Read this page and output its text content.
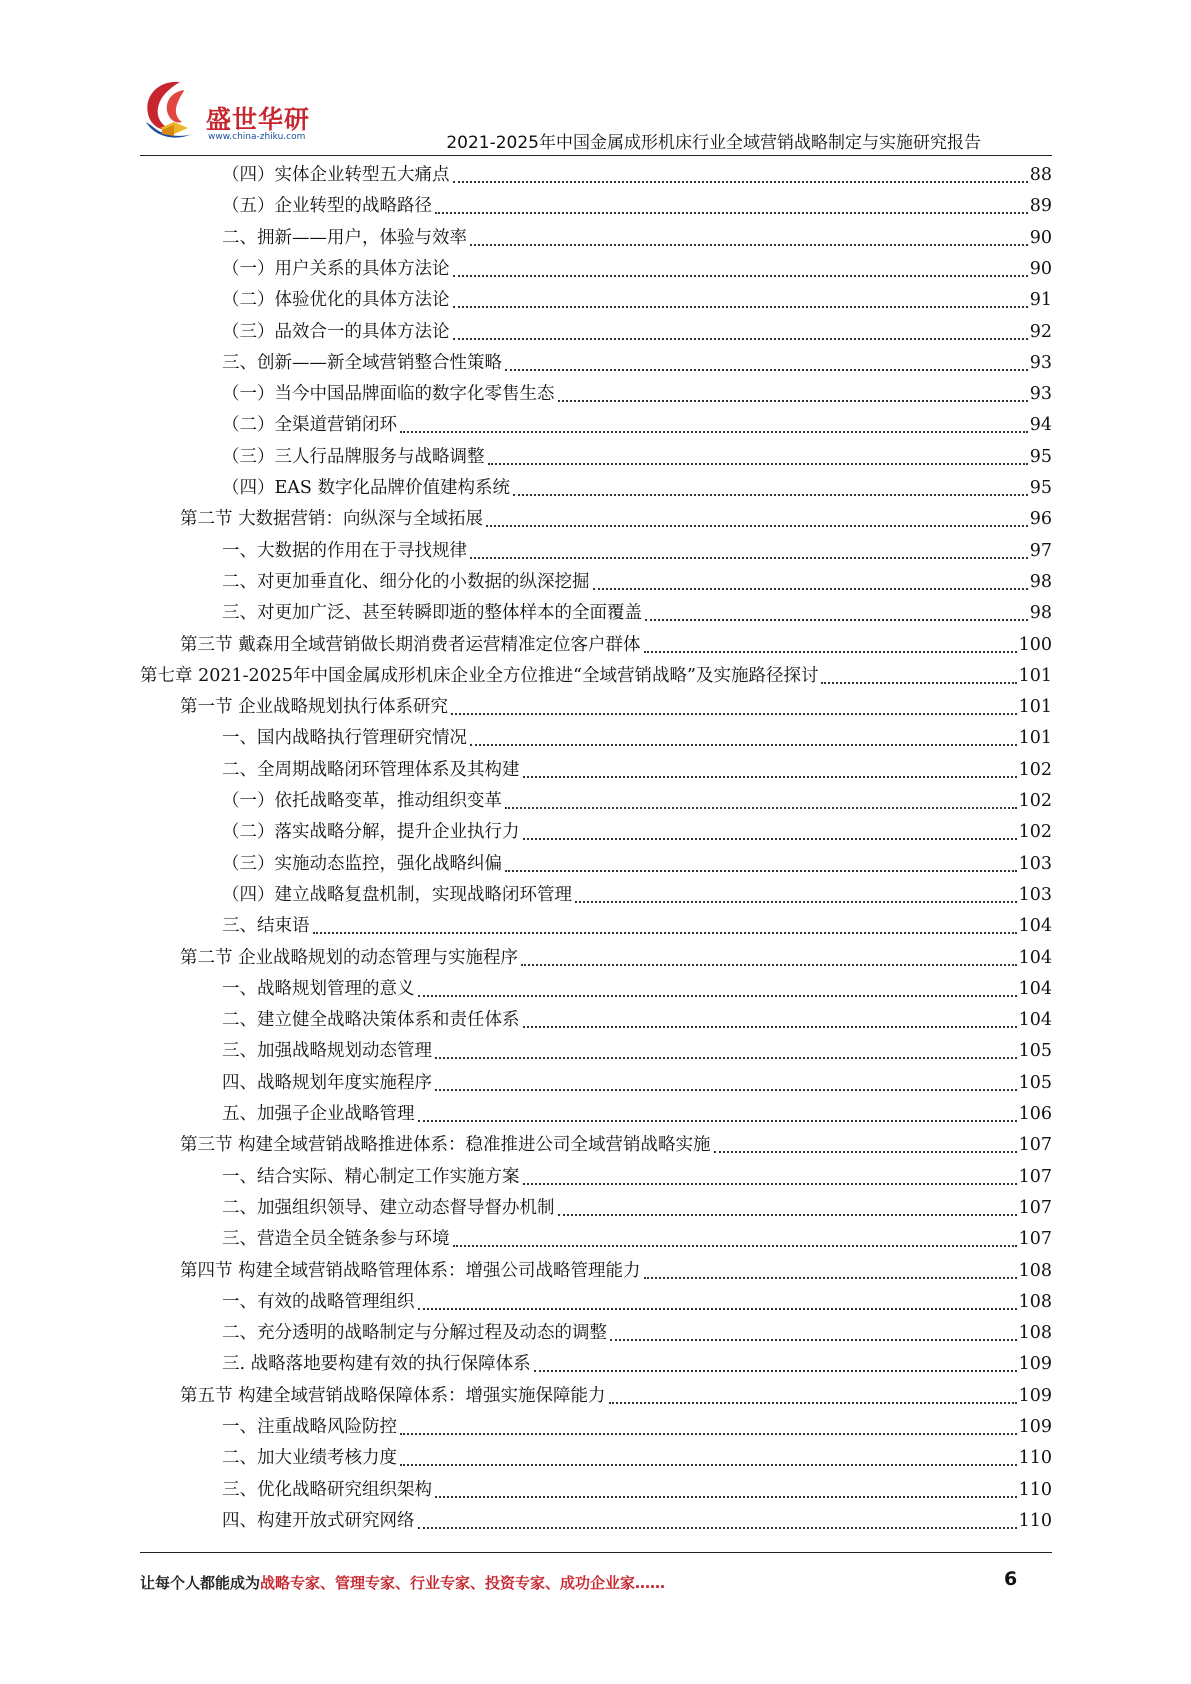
盛世华研
www.china-zhiku.com	2021-2025年中国金属成形机床行业全域营销战略制定与实施研究报告
（四）实体企业转型五大痛点	88
（五）企业转型的战略路径	89
二、拥新——用户，体验与效率	90
（一）用户关系的具体方法论	90
（二）体验优化的具体方法论	91
（三）品效合一的具体方法论	92
三、创新——新全域营销整合性策略	93
（一）当今中国品牌面临的数字化零售生态	93
（二）全渠道营销闭环	94
（三）三人行品牌服务与战略调整	95
（四）EAS 数字化品牌价值建构系统	95
第二节 大数据营销：向纵深与全域拓展	96
一、大数据的作用在于寻找规律	97
二、对更加垂直化、细分化的小数据的纵深挖掘	98
三、对更加广泛、甚至转瞬即逝的整体样本的全面覆盖	98
第三节 戴森用全域营销做长期消费者运营精准定位客户群体	100
第七章 2021-2025年中国金属成形机床企业全方位推进“全域营销战略”及实施路径探讨	101
第一节 企业战略规划执行体系研究	101
一、国内战略执行管理研究情况	101
二、全周期战略闭环管理体系及其构建	102
（一）依托战略变革，推动组织变革	102
（二）落实战略分解，提升企业执行力	102
（三）实施动态监控，强化战略纠偏	103
（四）建立战略复盘机制，实现战略闭环管理	103
三、结束语	104
第二节 企业战略规划的动态管理与实施程序	104
一、战略规划管理的意义	104
二、建立健全战略决策体系和责任体系	104
三、加强战略规划动态管理	105
四、战略规划年度实施程序	105
五、加强子企业战略管理	106
第三节 构建全域营销战略推进体系：稳准推进公司全域营销战略实施	107
一、结合实际、精心制定工作实施方案	107
二、加强组织领导、建立动态督导督办机制	107
三、营造全员全链条参与环境	107
第四节 构建全域营销战略管理体系：增强公司战略管理能力	108
一、有效的战略管理组织	108
二、充分透明的战略制定与分解过程及动态的调整	108
三. 战略落地要构建有效的执行保障体系	109
第五节 构建全域营销战略保障体系：增强实施保障能力	109
一、注重战略风险防控	109
二、加大业绩考核力度	110
三、优化战略研究组织架构	110
四、构建开放式研究网络	110
让每个人都能成为战略专家、管理专家、行业专家、投资专家、成功企业家……	6
